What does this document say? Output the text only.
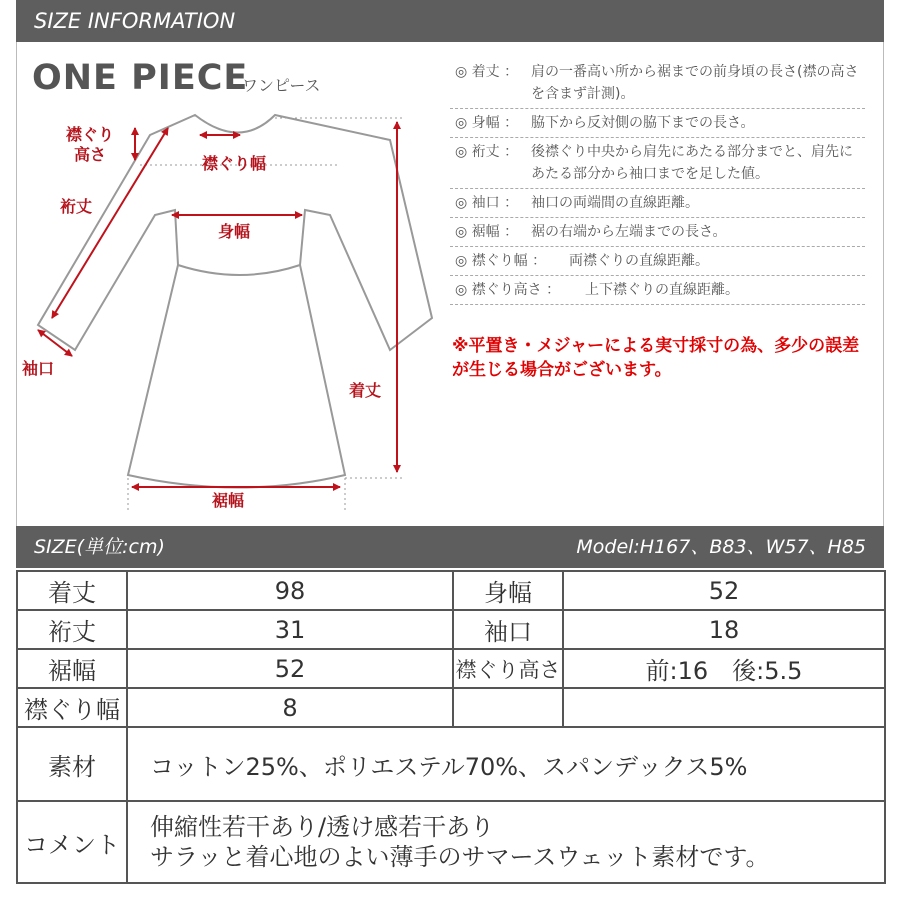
SIZE INFORMATION
ONE PIECE
ワンピース
襟ぐり
高さ	襟ぐり幅
裄丈
身幅
袖口
着丈
裾幅
◎ 着丈 ： 肩の一番高い所から裾までの前身頃の長さ(襟の高さを含まず計測)。
◎ 身幅 ： 脇下から反対側の脇下までの長さ。
◎ 裄丈 ： 後襟ぐり中央から肩先にあたる部分までと、肩先にあたる部分から袖口までを足した値。
◎ 袖口 ： 袖口の両端間の直線距離。
◎ 裾幅 ： 裾の右端から左端までの長さ。
◎ 襟ぐり幅 ：	両襟ぐりの直線距離。
◎ 襟ぐり高さ ：	上下襟ぐりの直線距離。
※平置き・メジャーによる実寸採寸の為、多少の誤差が生じる場合がございます。
SIZE(単位:cm)	Model:H167、B83、W57、H85
着丈	98	身幅	52
裄丈	31	袖口	18
裾幅	52	襟ぐり高さ	前:16　後:5.5
襟ぐり幅	8		
素材	コットン25%、ポリエステル70%、スパンデックス5%		
コメント	伸縮性若干あり/透け感若干あり
サラッと着心地のよい薄手のサマースウェット素材です。		
